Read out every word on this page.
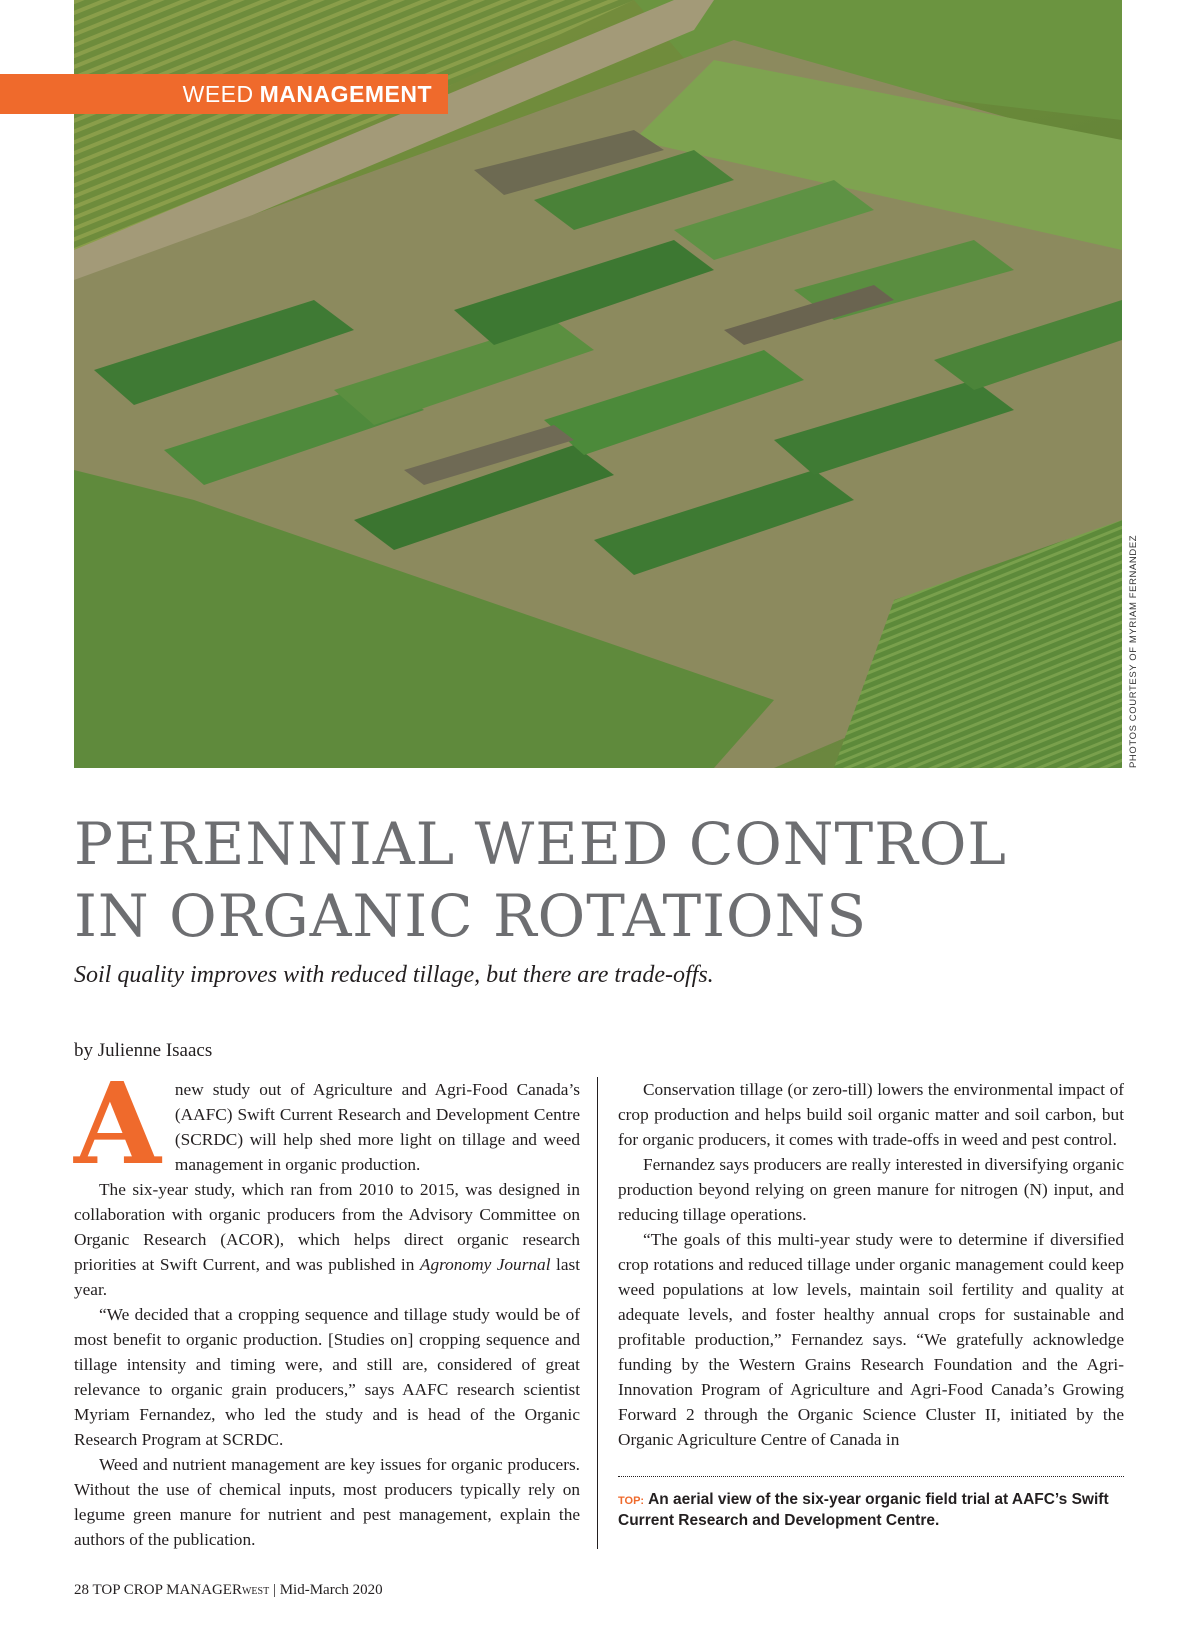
WEED MANAGEMENT
PHOTOS COURTESY OF MYRIAM FERNANDEZ
PERENNIAL WEED CONTROL
IN ORGANIC ROTATIONS
Soil quality improves with reduced tillage, but there are trade-offs.
by Julienne Isaacs

Anew study out of Agriculture and Agri-Food Canada’s (AAFC) Swift Current Research and Development Centre (SCRDC) will help shed more light on tillage and weed management in organic production.

The six-year study, which ran from 2010 to 2015, was designed in collaboration with organic producers from the Advisory Committee on Organic Research (ACOR), which helps direct organic research priorities at Swift Current, and was published in Agronomy Journal last year.

“We decided that a cropping sequence and tillage study would be of most benefit to organic production. [Studies on] cropping sequence and tillage intensity and timing were, and still are, considered of great relevance to organic grain producers,” says AAFC research scientist Myriam Fernandez, who led the study and is head of the Organic Research Program at SCRDC.

Weed and nutrient management are key issues for organic producers. Without the use of chemical inputs, most producers typically rely on legume green manure for nutrient and pest management, explain the authors of the publication.

Conservation tillage (or zero-till) lowers the environmental impact of crop production and helps build soil organic matter and soil carbon, but for organic producers, it comes with trade-offs in weed and pest control.

Fernandez says producers are really interested in diversifying organic production beyond relying on green manure for nitrogen (N) input, and reducing tillage operations.

“The goals of this multi-year study were to determine if diversified crop rotations and reduced tillage under organic management could keep weed populations at low levels, maintain soil fertility and quality at adequate levels, and foster healthy annual crops for sustainable and profitable production,” Fernandez says. “We gratefully acknowledge funding by the Western Grains Research Foundation and the Agri-Innovation Program of Agriculture and Agri-Food Canada’s Growing Forward 2 through the Organic Science Cluster II, initiated by the Organic Agriculture Centre of Canada in

TOP: An aerial view of the six-year organic field trial at AAFC’s Swift Current Research and Development Centre.
28 TOP CROP MANAGERWEST | Mid-March 2020
